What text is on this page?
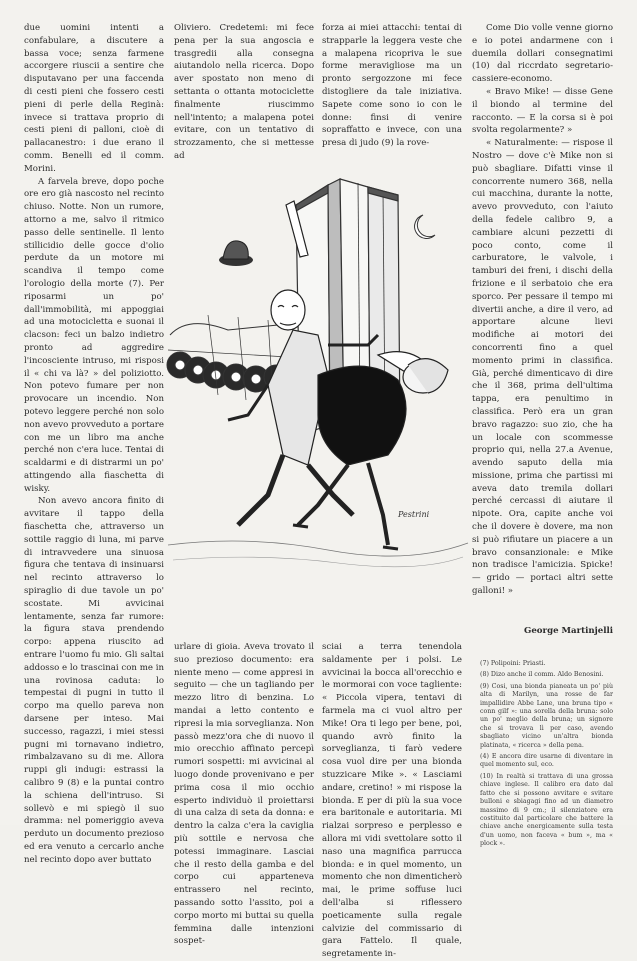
due uomini intenti a confabulare, a discutere a bassa voce; senza farmene accorgere riuscii a sentire che disputavano per una faccenda di cesti pieni che fossero cesti pieni di perle della Reginà: invece si trattava proprio di cesti pieni di palloni, cioè di pallacanestro: i due erano il comm. Benelli ed il comm. Morini.

A farvela breve, dopo poche ore ero già nascosto nel recinto chiuso. Notte. Non un rumore, attorno a me, salvo il ritmico passo delle sentinelle. Il lento stillicidio delle gocce d'olio perdute da un motore mi scandiva il tempo come l'orologio della morte (7). Per riposarmi un po' dall'immobilità, mi appoggiai ad una motocicletta e suonai il clacson: feci un balzo indietro pronto ad aggredire l'incosciente intruso, mi risposi il « chi va là? » del poliziotto. Non potevo fumare per non provocare un incendio. Non potevo leggere perché non solo non avevo provveduto a portare con me un libro ma anche perché non c'era luce. Tentai di scaldarmi e di distrarmi un po' attingendo alla fiaschetta di wisky.

Non avevo ancora finito di avvitare il tappo della fiaschetta che, attraverso un sottile raggio di luna, mi parve di intravvedere una sinuosa figura che tentava di insinuarsi nel recinto attraverso lo spiraglio di due tavole un po' scostate. Mi avvicinai lentamente, senza far rumore: la figura stava prendendo corpo: appena riuscito ad entrare l'uomo fu mio. Gli saltai addosso e lo trascinai con me in una rovinosa caduta: lo tempestai di pugni in tutto il corpo ma quello pareva non darsene per inteso. Mai successo, ragazzi, i miei stessi pugni mi tornavano indietro, rimbalzavano su di me. Allora ruppi gli indugi: estrassi la calibro 9 (8) e la puntai contro la schiena dell'intruso. Si sollevò e mi spiegò il suo dramma: nel pomeriggio aveva perduto un documento prezioso ed era venuto a cercarlo anche nel recinto dopo aver buttato

Oliviero. Credetemi: mi fece pena per la sua angoscia e trasgredii alla consegna aiutandolo nella ricerca. Dopo aver spostato non meno di settanta o ottanta motociclette finalmente riuscimmo nell'intento; a malapena potei evitare, con un tentativo di strozzamento, che si mettesse ad

forza ai miei attacchi: tentai di strapparle la leggera veste che a malapena ricopriva le sue forme meravigliose ma un pronto sergozzone mi fece distogliere da tale iniziativa. Sapete come sono io con le donne: finsi di venire sopraffatto e invece, con una presa di judo (9) la rove-

Pestrini

urlare di gioia. Aveva trovato il suo prezioso documento: era niente meno — come appresi in seguito — che un tagliando per mezzo litro di benzina. Lo mandai a letto contento e ripresi la mia sorveglianza. Non passò mezz'ora che di nuovo il mio orecchio affinato percepì rumori sospetti: mi avvicinai al luogo donde provenivano e per prima cosa il mio occhio esperto individuò il proiettarsi di una calza di seta da donna: e dentro la calza c'era la caviglia più sottile e nervosa che potessi immaginare. Lasciai che il resto della gamba e del corpo cui apparteneva entrassero nel recinto, passando sotto l'assito, poi a corpo morto mi buttai su quella femmina dalle intenzioni sospet-

sciai a terra tenendola saldamente per i polsi. Le avvicinai la bocca all'orecchio e le mormorai con voce tagliente: « Piccola vipera, tentavi di farmela ma ci vuol altro per Mike! Ora ti lego per bene, poi, quando avrò finito la sorveglianza, ti farò vedere cosa vuol dire per una bionda stuzzicare Mike ». « Lasciami andare, cretino! » mi rispose la bionda. E per di più la sua voce era baritonale e autoritaria. Mi rialzai sorpreso e perplesso e allora mi vidi svettolare sotto il naso una magnifica parrucca bionda: e in quel momento, un momento che non dimenticherò mai, le prime soffuse luci dell'alba si riflessero poeticamente sulla regale calvizie del commissario di gara Fattelo. Il quale, segretamente in-

Come Dio volle venne giorno e io potei andarmene con i duemila dollari consegnatimi (10) dal riccrdato segretario-cassiere-economo.

« Bravo Mike! — disse Gene il biondo al termine del racconto. — E la corsa si è poi svolta regolarmente? »

« Naturalmente: — rispose il Nostro — dove c'è Mike non si può sbagliare. Difatti vinse il concorrente numero 368, nella cui macchina, durante la notte, avevo provveduto, con l'aiuto della fedele calibro 9, a cambiare alcuni pezzetti di poco conto, come il carburatore, le valvole, i tamburi dei freni, i dischi della frizione e il serbatoio che era sporco. Per pessare il tempo mi divertii anche, a dire il vero, ad apportare alcune lievi modifiche ai motori dei concorrenti fino a quel momento primi in classifica. Già, perché dimenticavo di dire che il 368, prima dell'ultima tappa, era penultimo in classifica. Però era un gran bravo ragazzo: suo zio, che ha un locale con scommesse proprio qui, nella 27.a Avenue, avendo saputo della mia missione, prima che partissi mi aveva dato tremila dollari perché cercassi di aiutare il nipote. Ora, capite anche voi che il dovere è dovere, ma non si può rifiutare un piacere a un bravo consanzionale: e Mike non tradisce l'amicizia. Spicke! — grido — portaci altri sette galloni! »

George Martinjelli

(7) Polipoini: Priasti.

(8) Dizo anche il comm. Aldo Benosini.

(9) Cosi, una bionda pianeata un po' più alta di Marilyn, una rosse de far impallidire Abbe Lane, una bruna tipo « conn gilf »: una sorella della bruna: solo un po' meglio della bruna; un signore che si trovava lì per caso, avendo sbagliato vicino un'altra bionda platinata, « ricerca » della pena.

(4) E ancora dire usarne di diventare in quel momento sul, eco.

(10) In realtà si trattava di una grossa chiave inglese. Il calibro era dato dal fatto che si possono avvitare e svitare bulloni e sbiagagi fino ad un diametro massimo di 9 cm.; il silenziatore era costituito dal particolare che battere la chiave anche energicamente sulla testa d'un uomo, non faceva « bum », ma « plock ».
